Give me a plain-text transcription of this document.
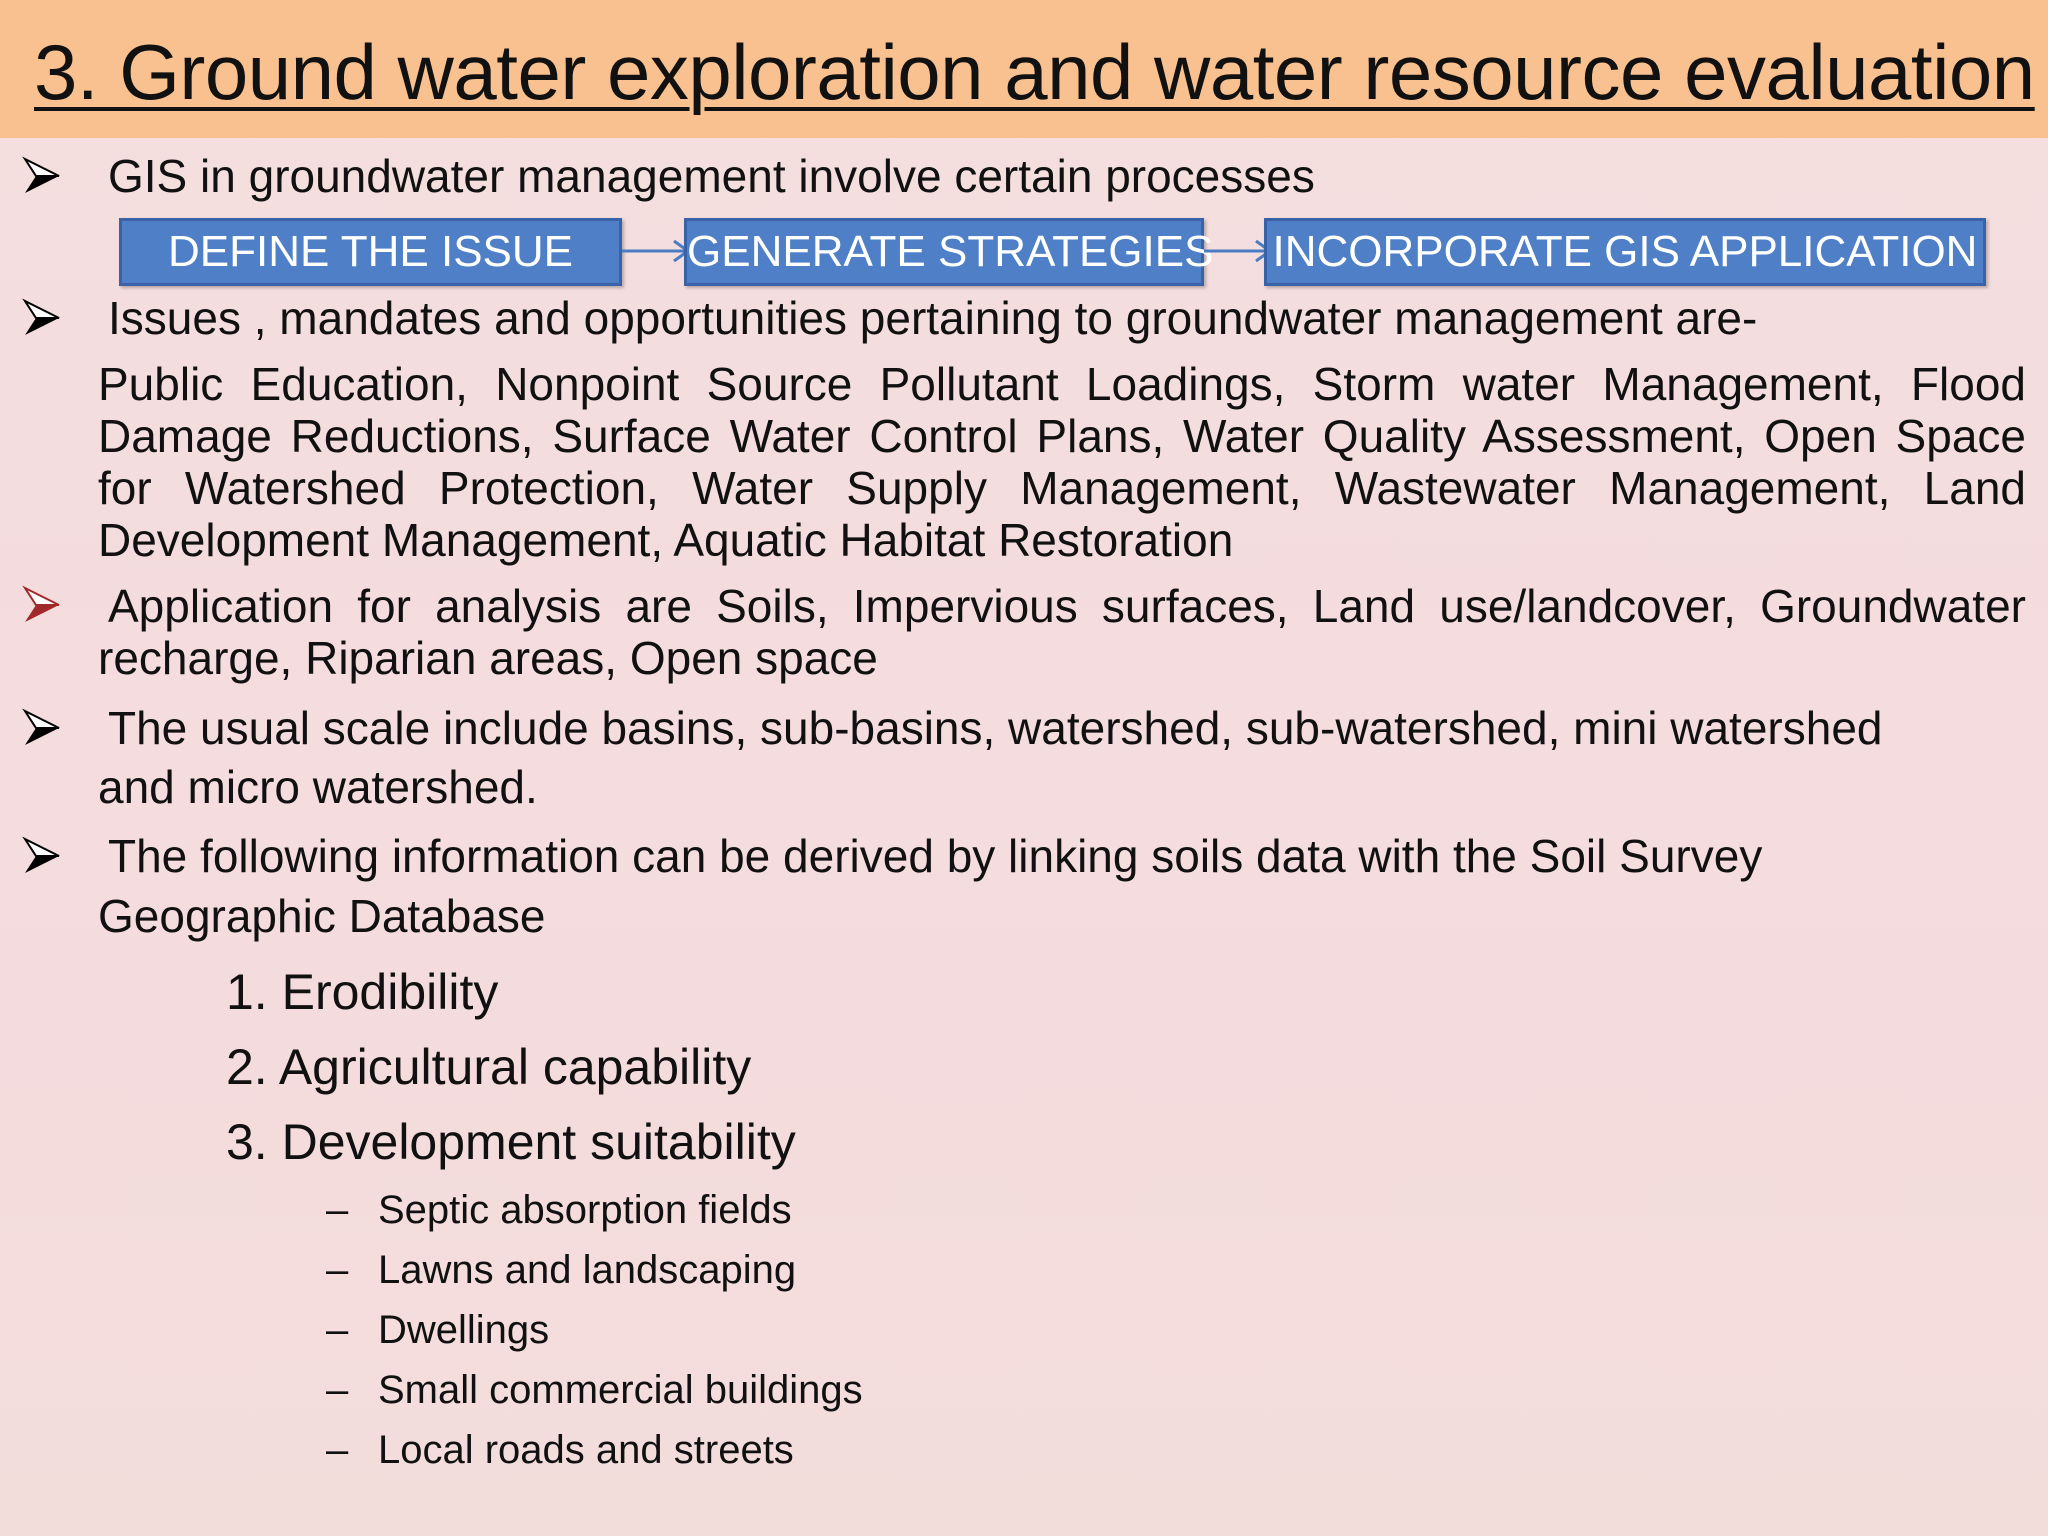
3. Ground water exploration and water resource evaluation
GIS in groundwater management involve certain processes
DEFINE THE ISSUE	GENERATE STRATEGIES INCORPORATE GIS APPLICATION
Issues , mandates and opportunities pertaining to groundwater management are-
Public Education, Nonpoint Source Pollutant Loadings, Storm water Management, Flood Damage Reductions, Surface Water Control Plans, Water Quality Assessment, Open Space for Watershed Protection, Water Supply Management, Wastewater Management, Land Development Management, Aquatic Habitat Restoration
Application for analysis are Soils, Impervious surfaces, Land use/landcover, Groundwater recharge, Riparian areas, Open space
The usual scale include basins, sub-basins, watershed, sub-watershed, mini watershed
and micro watershed.
The following information can be derived by linking soils data with the Soil Survey
Geographic Database
1. Erodibility
2. Agricultural capability
3. Development suitability
– Septic absorption fields
– Lawns and landscaping
– Dwellings
– Small commercial buildings
– Local roads and streets
